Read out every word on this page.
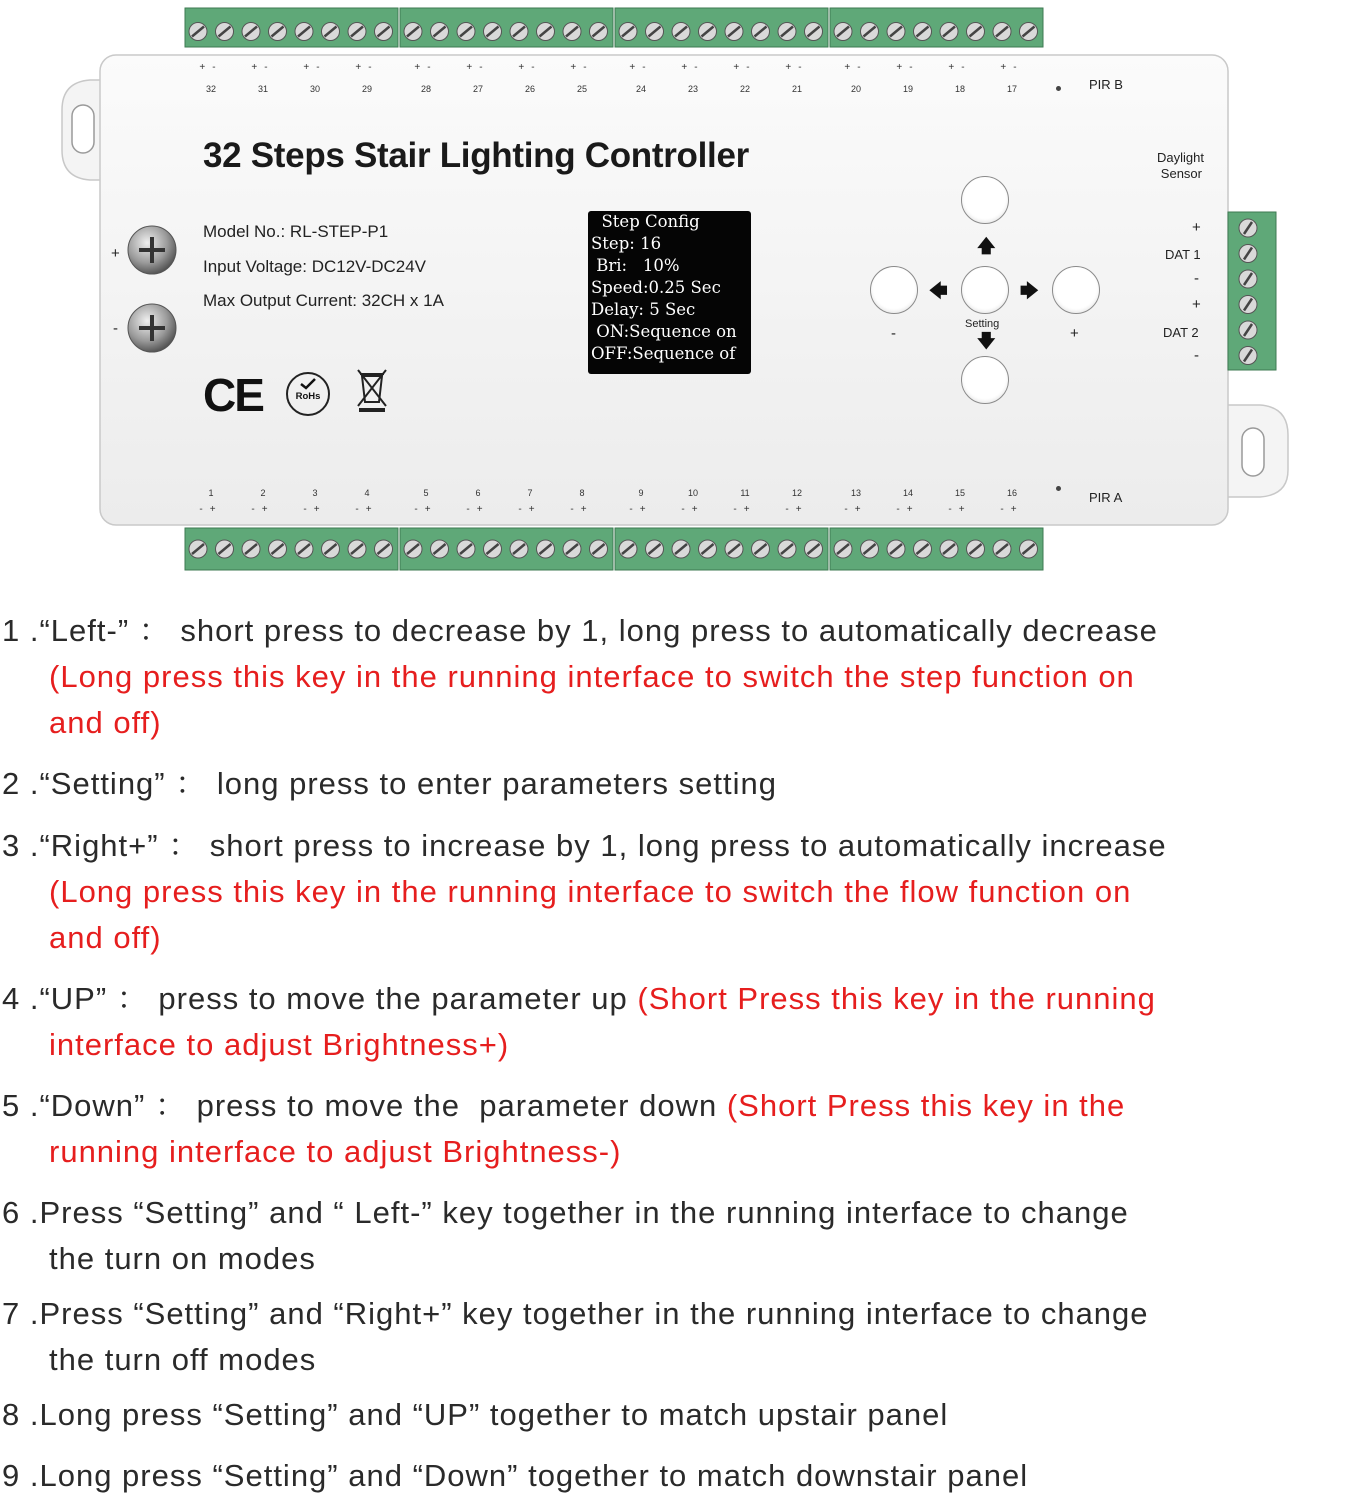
32 Steps Stair Lighting Controller
Model No.: RL-STEP-P1
Input Voltage: DC12V-DC24V
Max Output Current: 32CH x 1A
PIR B
PIR A
Daylight
Sensor
DAT 1
DAT 2
+
-
+
-
+
-
CE	RoHs
Step Config
Step: 16
Bri:   10%
Speed:0.25 Sec
Delay: 5 Sec
ON:Sequence on
OFF:Sequence of
🡅
🡇
🡄	🡆
Setting
-	+
+-
32
+-
31
+-
30
+-
29
+-
28
+-
27
+-
26
+-
25
+-
24
+-
23
+-
22
+-
21
+-
20
+-
19
+-
18
+-
17
1
-+
2
-+
3
-+
4
-+
5
-+
6
-+
7
-+
8
-+
9
-+
10
-+
11
-+
12
-+
13
-+
14
-+
15
-+
16
-+
1 .“Left-” ： short press to decrease by 1, long press to automatically decrease
(Long press this key in the running interface to switch the step function on
and off)
2 .“Setting” ： long press to enter parameters setting
3 .“Right+” ： short press to increase by 1, long press to automatically increase
(Long press this key in the running interface to switch the flow function on
and off)
4 .“UP” ： press to move the parameter up (Short Press this key in the running
interface to adjust Brightness+)
5 .“Down” ： press to move the  parameter down (Short Press this key in the
running interface to adjust Brightness-)
6 .Press “Setting” and “ Left-” key together in the running interface to change
the turn on modes
7 .Press “Setting” and “Right+” key together in the running interface to change
the turn off modes
8 .Long press “Setting” and “UP” together to match upstair panel
9 .Long press “Setting” and “Down” together to match downstair panel
